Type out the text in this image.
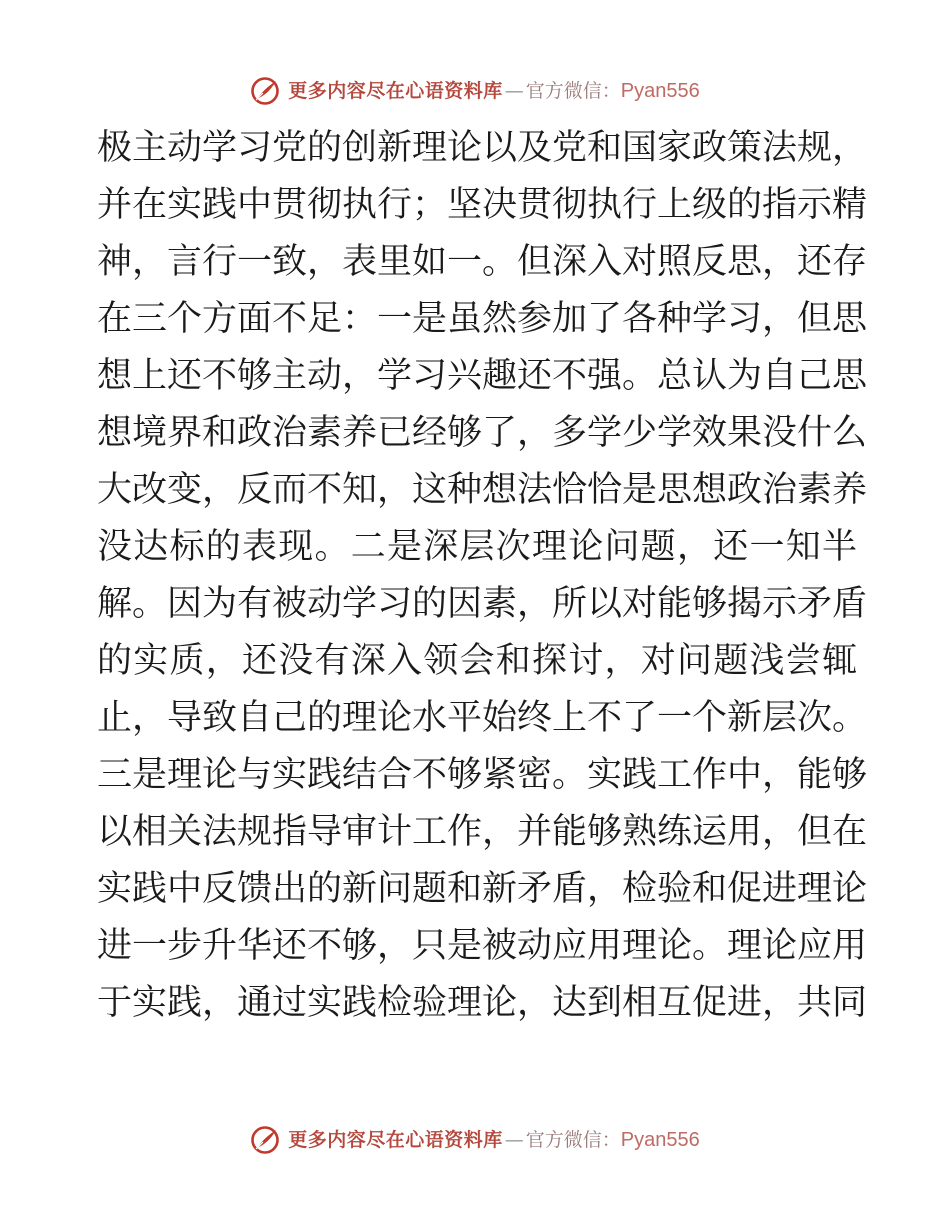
更多内容尽在心语资料库 — 官方微信： Pyan556
极主动学习党的创新理论以及党和国家政策法规，
并在实践中贯彻执行；坚决贯彻执行上级的指示精
神，言行一致，表里如一。但深入对照反思，还存
在三个方面不足：一是虽然参加了各种学习，但思
想上还不够主动，学习兴趣还不强。总认为自己思
想境界和政治素养已经够了，多学少学效果没什么
大改变，反而不知，这种想法恰恰是思想政治素养
没达标的表现。二是深层次理论问题，还一知半
解。因为有被动学习的因素，所以对能够揭示矛盾
的实质，还没有深入领会和探讨，对问题浅尝辄
止，导致自己的理论水平始终上不了一个新层次。
三是理论与实践结合不够紧密。实践工作中，能够
以相关法规指导审计工作，并能够熟练运用，但在
实践中反馈出的新问题和新矛盾，检验和促进理论
进一步升华还不够，只是被动应用理论。理论应用
于实践，通过实践检验理论，达到相互促进，共同
更多内容尽在心语资料库 — 官方微信： Pyan556
